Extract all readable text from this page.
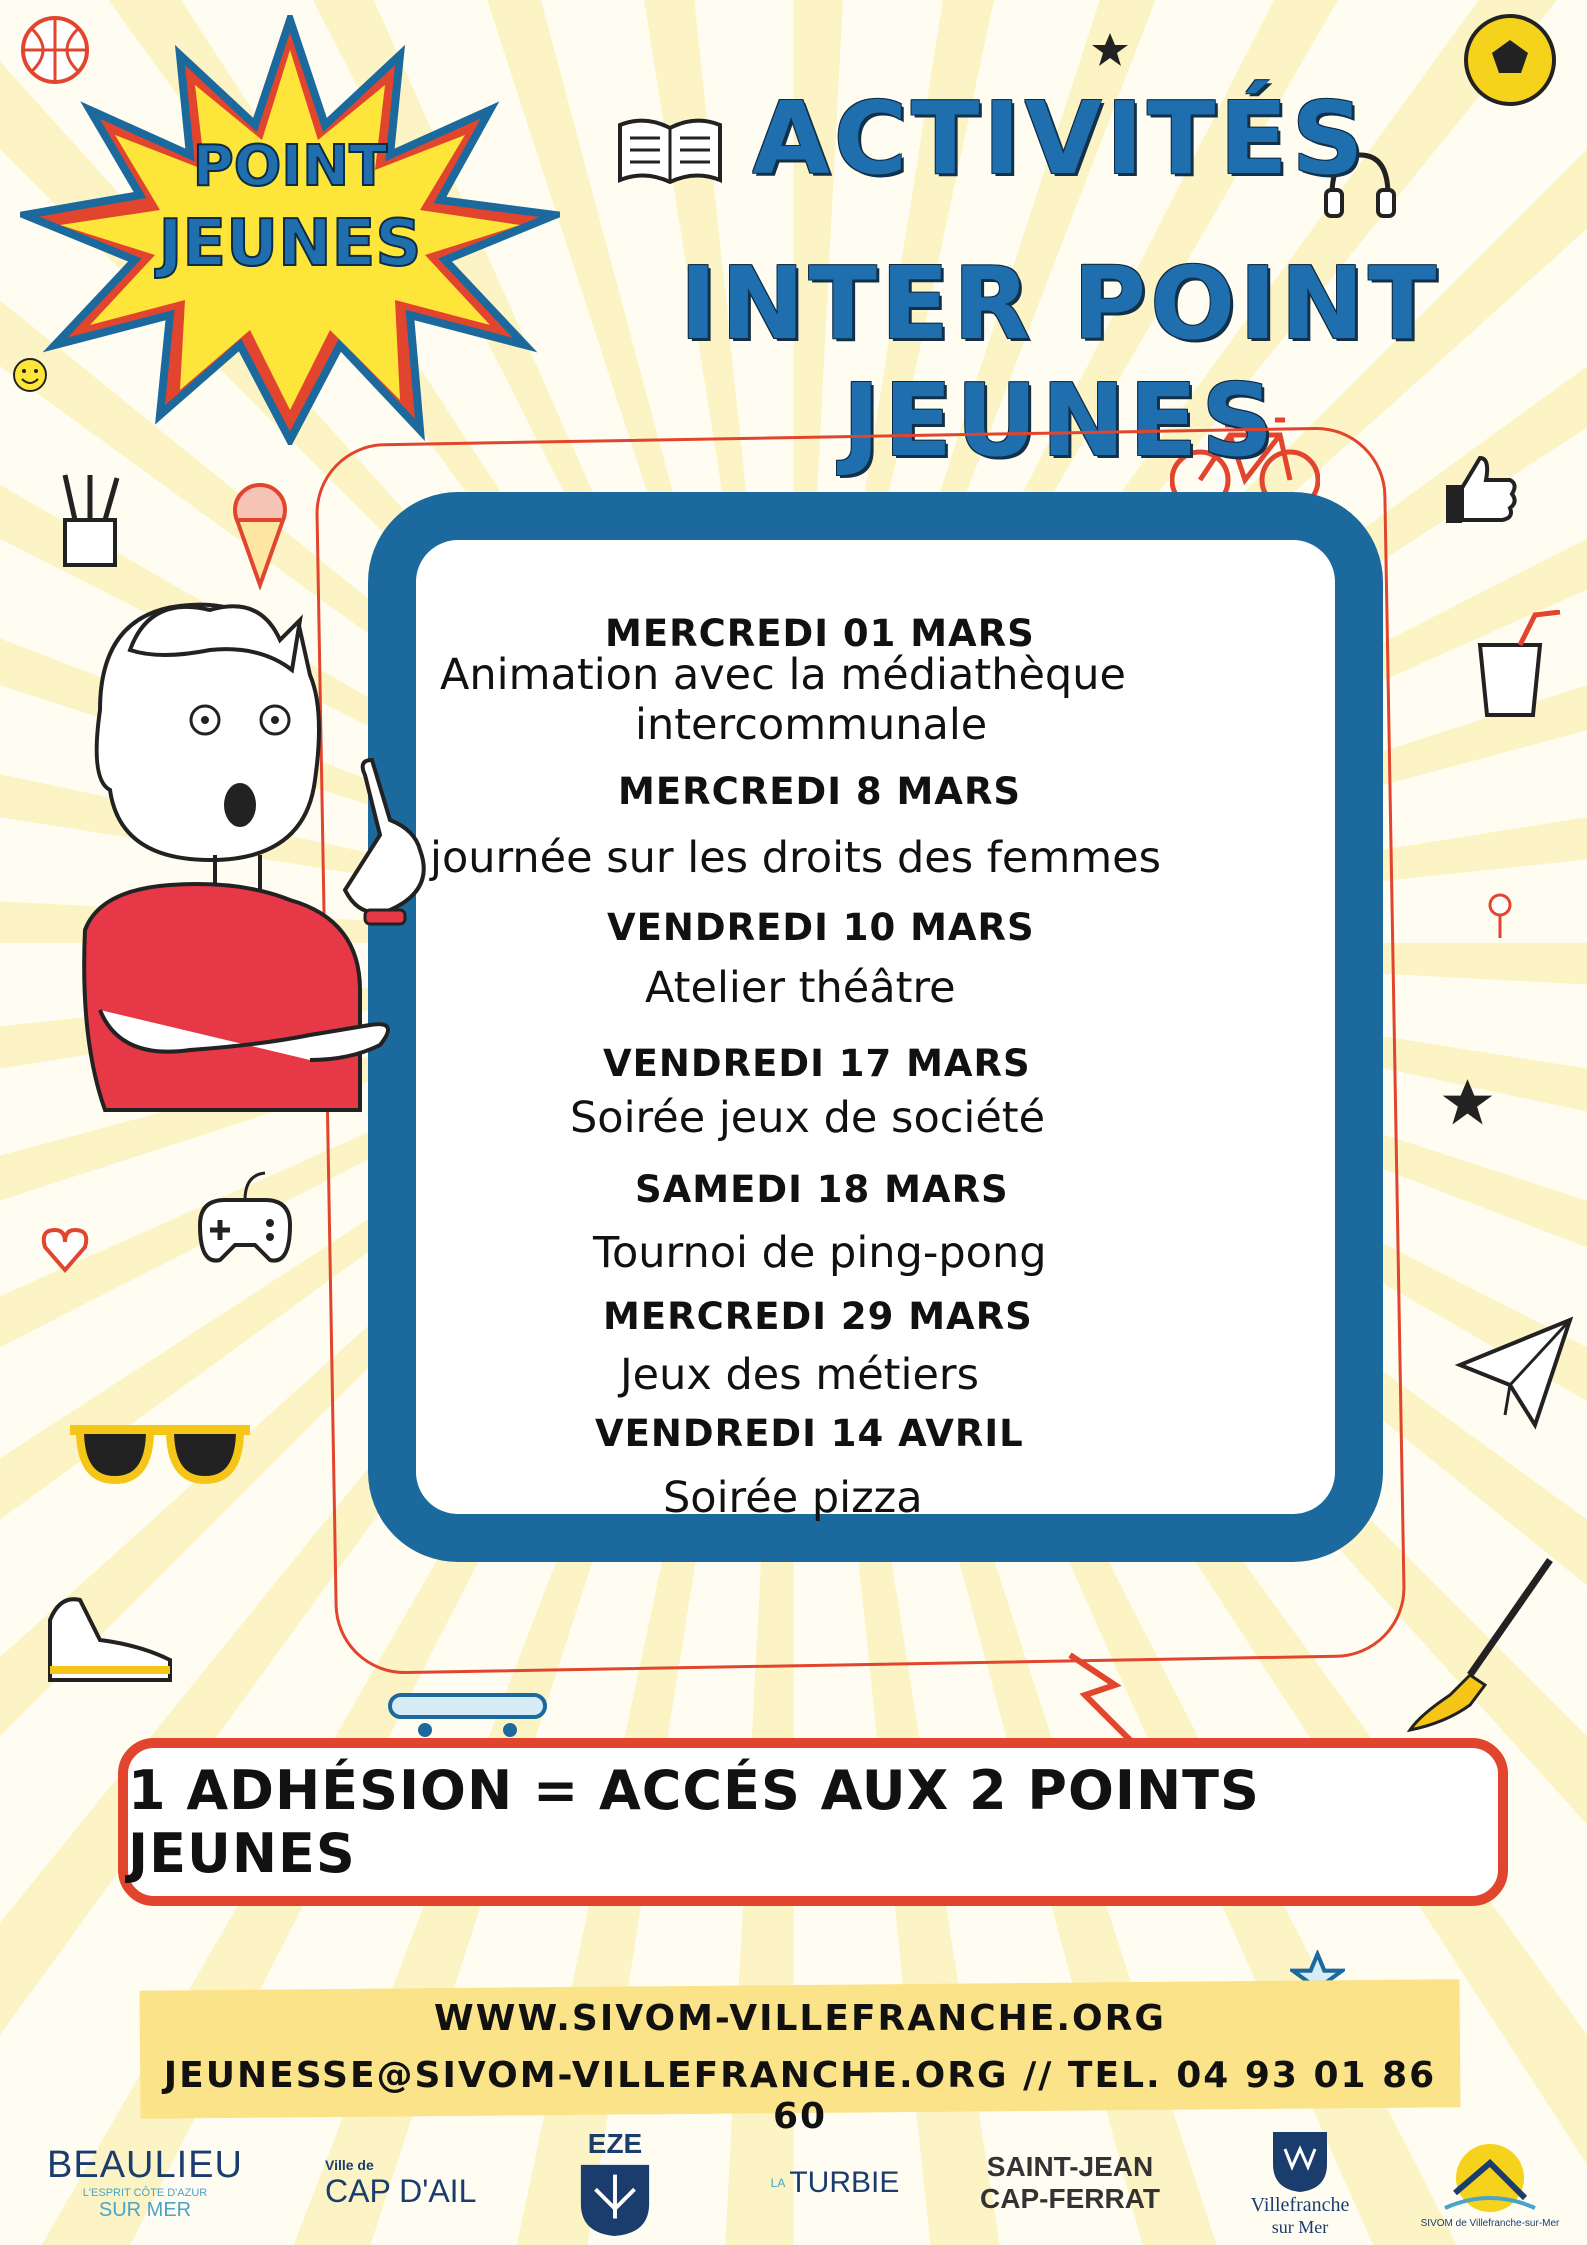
POINT
JEUNES
ACTIVITÉS
INTER POINT JEUNES
MERCREDI 01 MARS
Animation avec la médiathèque
intercommunale
MERCREDI 8 MARS
journée sur les droits des femmes
VENDREDI 10 MARS
Atelier théâtre
VENDREDI 17 MARS
Soirée jeux de société
SAMEDI 18 MARS
Tournoi de ping-pong
MERCREDI 29 MARS
Jeux des métiers
VENDREDI 14 AVRIL
Soirée pizza
1 ADHÉSION = ACCÉS AUX 2 POINTS JEUNES
WWW.SIVOM-VILLEFRANCHE.ORG
JEUNESSE@SIVOM-VILLEFRANCHE.ORG // TEL. 04 93 01 86 60
BEAULIEU
L'ESPRIT CÔTE D'AZUR
SUR MER
Ville de
CAP D'AIL
EZE
LA TURBIE	SAINT-JEAN
CAP-FERRAT	Villefranche
sur Mer	SIVOM de Villefranche-sur-Mer
